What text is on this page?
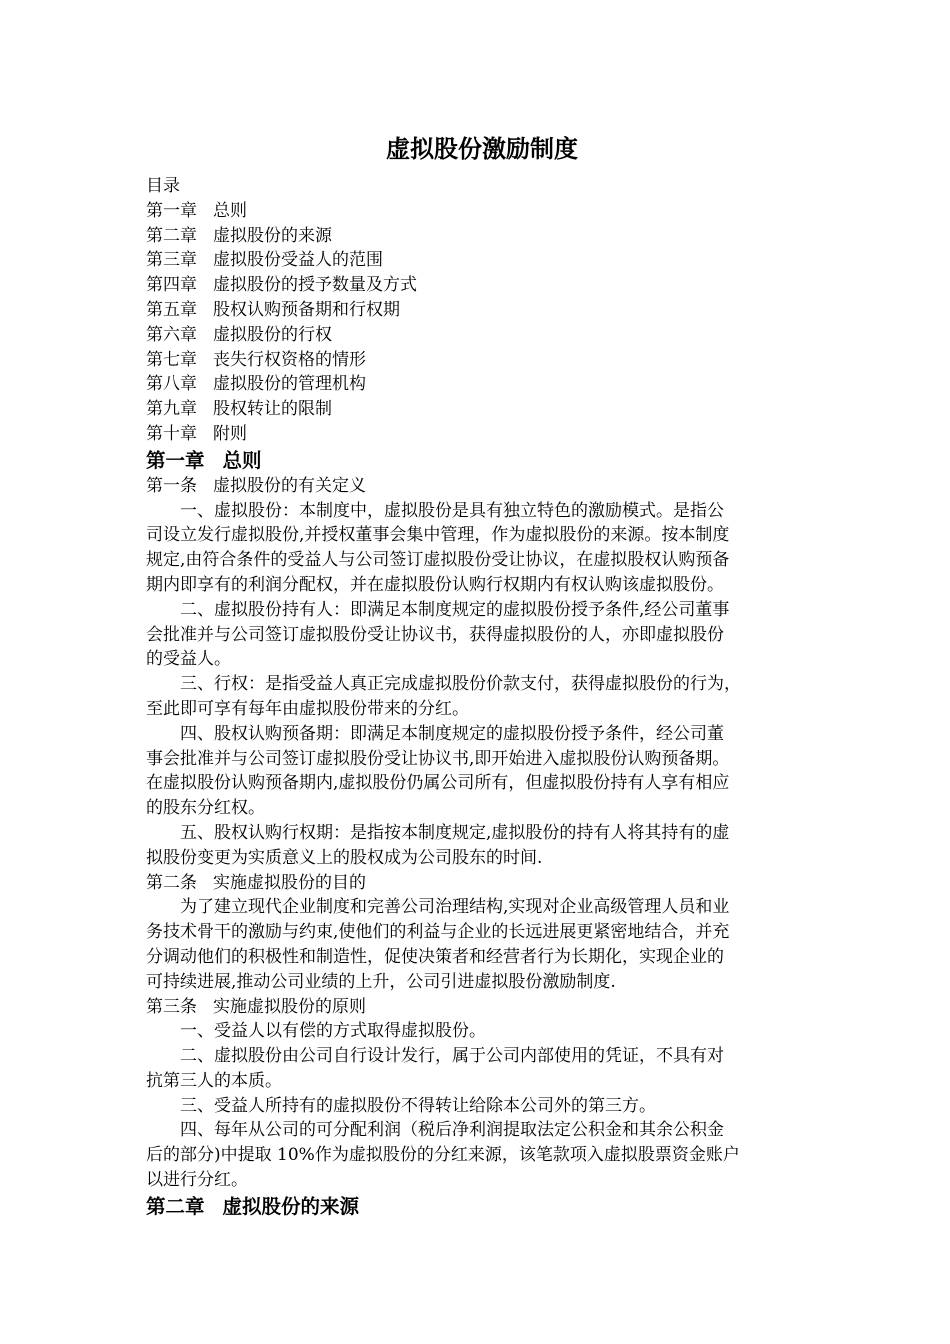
虚拟股份激励制度

目录

第一章 总则

第二章 虚拟股份的来源

第三章 虚拟股份受益人的范围

第四章 虚拟股份的授予数量及方式

第五章 股权认购预备期和行权期

第六章 虚拟股份的行权

第七章 丧失行权资格的情形

第八章 虚拟股份的管理机构

第九章 股权转让的限制

第十章 附则

第一章 总则

第一条 虚拟股份的有关定义

一、虚拟股份：本制度中，虚拟股份是具有独立特色的激励模式。是指公
司设立发行虚拟股份,并授权董事会集中管理，作为虚拟股份的来源。按本制度
规定,由符合条件的受益人与公司签订虚拟股份受让协议，在虚拟股权认购预备
期内即享有的利润分配权，并在虚拟股份认购行权期内有权认购该虚拟股份。

二、虚拟股份持有人：即满足本制度规定的虚拟股份授予条件,经公司董事
会批准并与公司签订虚拟股份受让协议书，获得虚拟股份的人，亦即虚拟股份
的受益人。

三、行权：是指受益人真正完成虚拟股份价款支付，获得虚拟股份的行为，
至此即可享有每年由虚拟股份带来的分红。

四、股权认购预备期：即满足本制度规定的虚拟股份授予条件，经公司董
事会批准并与公司签订虚拟股份受让协议书,即开始进入虚拟股份认购预备期。
在虚拟股份认购预备期内,虚拟股份仍属公司所有，但虚拟股份持有人享有相应
的股东分红权。

五、股权认购行权期：是指按本制度规定,虚拟股份的持有人将其持有的虚
拟股份变更为实质意义上的股权成为公司股东的时间.

第二条 实施虚拟股份的目的

为了建立现代企业制度和完善公司治理结构,实现对企业高级管理人员和业
务技术骨干的激励与约束,使他们的利益与企业的长远进展更紧密地结合，并充
分调动他们的积极性和制造性，促使决策者和经营者行为长期化，实现企业的
可持续进展,推动公司业绩的上升，公司引进虚拟股份激励制度.

第三条 实施虚拟股份的原则

一、受益人以有偿的方式取得虚拟股份。

二、虚拟股份由公司自行设计发行，属于公司内部使用的凭证，不具有对
抗第三人的本质。

三、受益人所持有的虚拟股份不得转让给除本公司外的第三方。

四、每年从公司的可分配利润（税后净利润提取法定公积金和其余公积金
后的部分)中提取 10%作为虚拟股份的分红来源，该笔款项入虚拟股票资金账户
以进行分红。

第二章 虚拟股份的来源
